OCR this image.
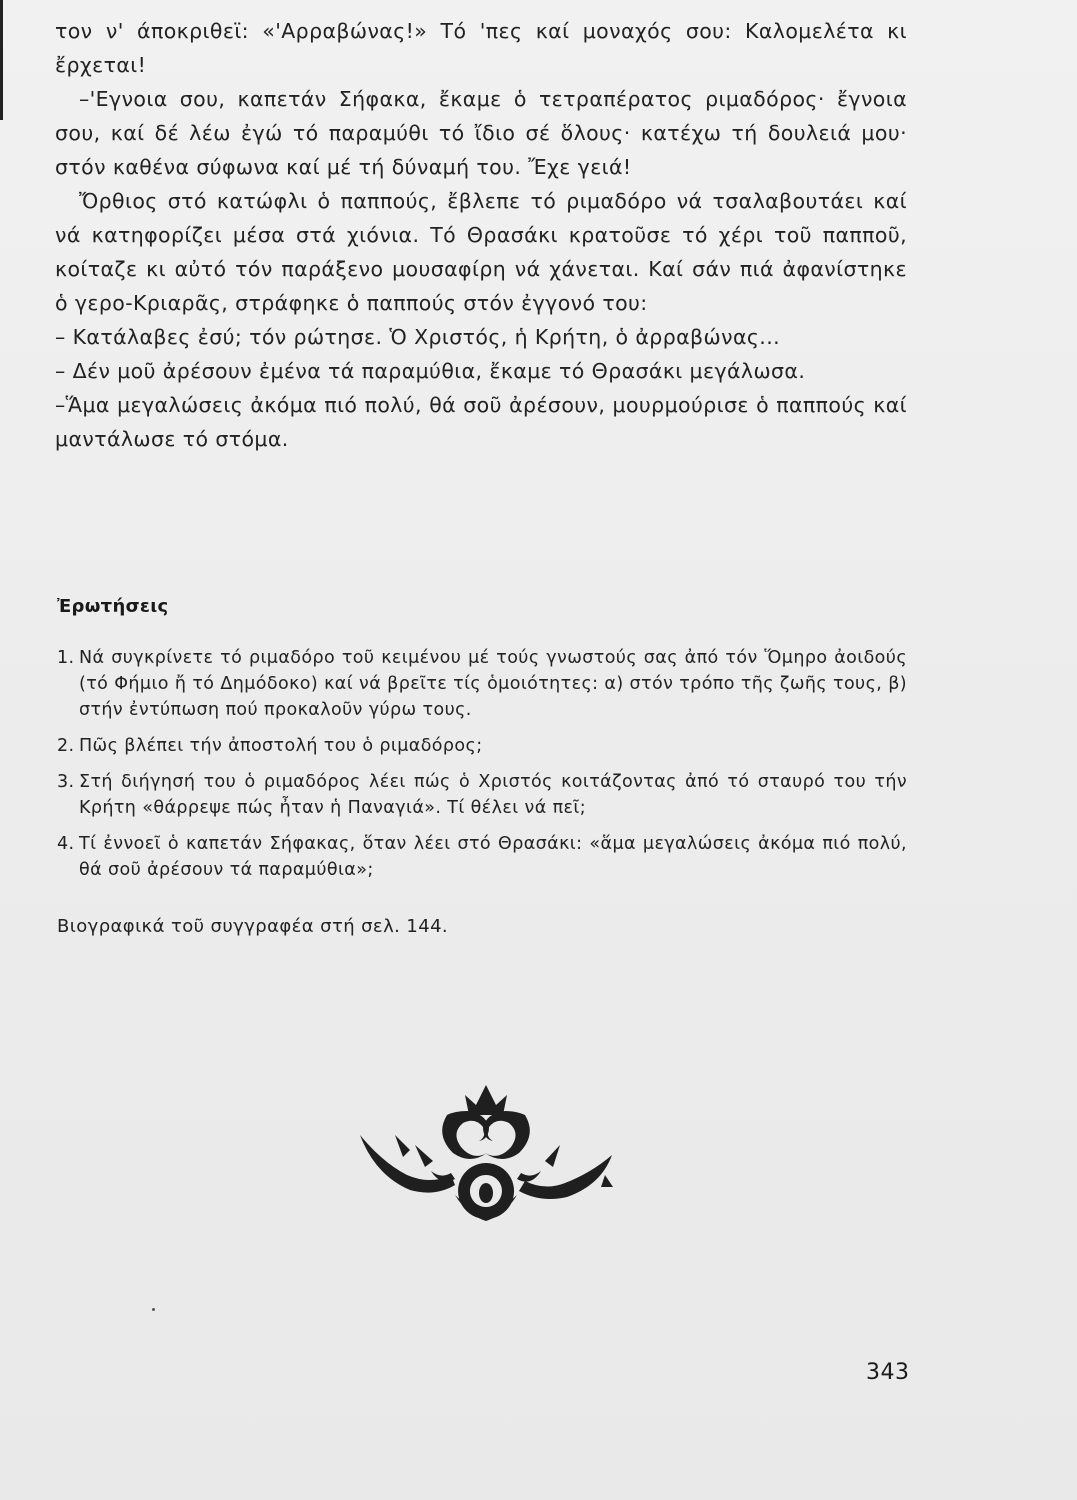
τον ν' άποκριθεϊ: «'Αρραβώνας!» Τό 'πες καί μοναχός σου: Καλομελέτα κι ἔρχεται!

–'Εγνοια σου, καπετάν Σήφακα, ἔκαμε ὁ τετραπέρατος ριμαδόρος· ἔγνοια σου, καί δέ λέω ἐγώ τό παραμύθι τό ἴδιο σέ ὅλους· κατέχω τή δουλειά μου· στόν καθένα σύφωνα καί μέ τή δύναμή του. Ἔχε γειά!

Ὄρθιος στό κατώφλι ὁ παππούς, ἔβλεπε τό ριμαδόρο νά τσαλαβουτάει καί νά κατηφορίζει μέσα στά χιόνια. Τό Θρασάκι κρατοῦσε τό χέρι τοῦ παπποῦ, κοίταζε κι αὐτό τόν παράξενο μουσαφίρη νά χάνεται. Καί σάν πιά ἀφανίστηκε ὁ γερο-Κριαρᾶς, στράφηκε ὁ παππούς στόν ἐγγονό του:

– Κατάλαβες ἐσύ; τόν ρώτησε. Ὁ Χριστός, ἡ Κρήτη, ὁ ἀρραβώνας...

– Δέν μοῦ ἀρέσουν ἐμένα τά παραμύθια, ἔκαμε τό Θρασάκι μεγάλωσα.

–Ἅμα μεγαλώσεις ἀκόμα πιό πολύ, θά σοῦ ἀρέσουν, μουρμούρισε ὁ παππούς καί μαντάλωσε τό στόμα.

Ἐρωτήσεις
1. Νά συγκρίνετε τό ριμαδόρο τοῦ κειμένου μέ τούς γνωστούς σας ἀπό τόν Ὅμηρο ἀοιδούς (τό Φήμιο ἤ τό Δημόδοκο) καί νά βρεῖτε τίς ὁμοιότητες: α) στόν τρόπο τῆς ζωῆς τους, β) στήν ἐντύπωση πού προκαλοῦν γύρω τους.
2. Πῶς βλέπει τήν ἀποστολή του ὁ ριμαδόρος;
3. Στή διήγησή του ὁ ριμαδόρος λέει πώς ὁ Χριστός κοιτάζοντας ἀπό τό σταυρό του τήν Κρήτη «θάρρεψε πώς ἦταν ἡ Παναγιά». Τί θέλει νά πεῖ;
4. Τί ἐννοεῖ ὁ καπετάν Σήφακας, ὅταν λέει στό Θρασάκι: «ἅμα μεγαλώσεις ἀκόμα πιό πολύ, θά σοῦ ἀρέσουν τά παραμύθια»;
Βιογραφικά τοῦ συγγραφέα στή σελ. 144.
343
